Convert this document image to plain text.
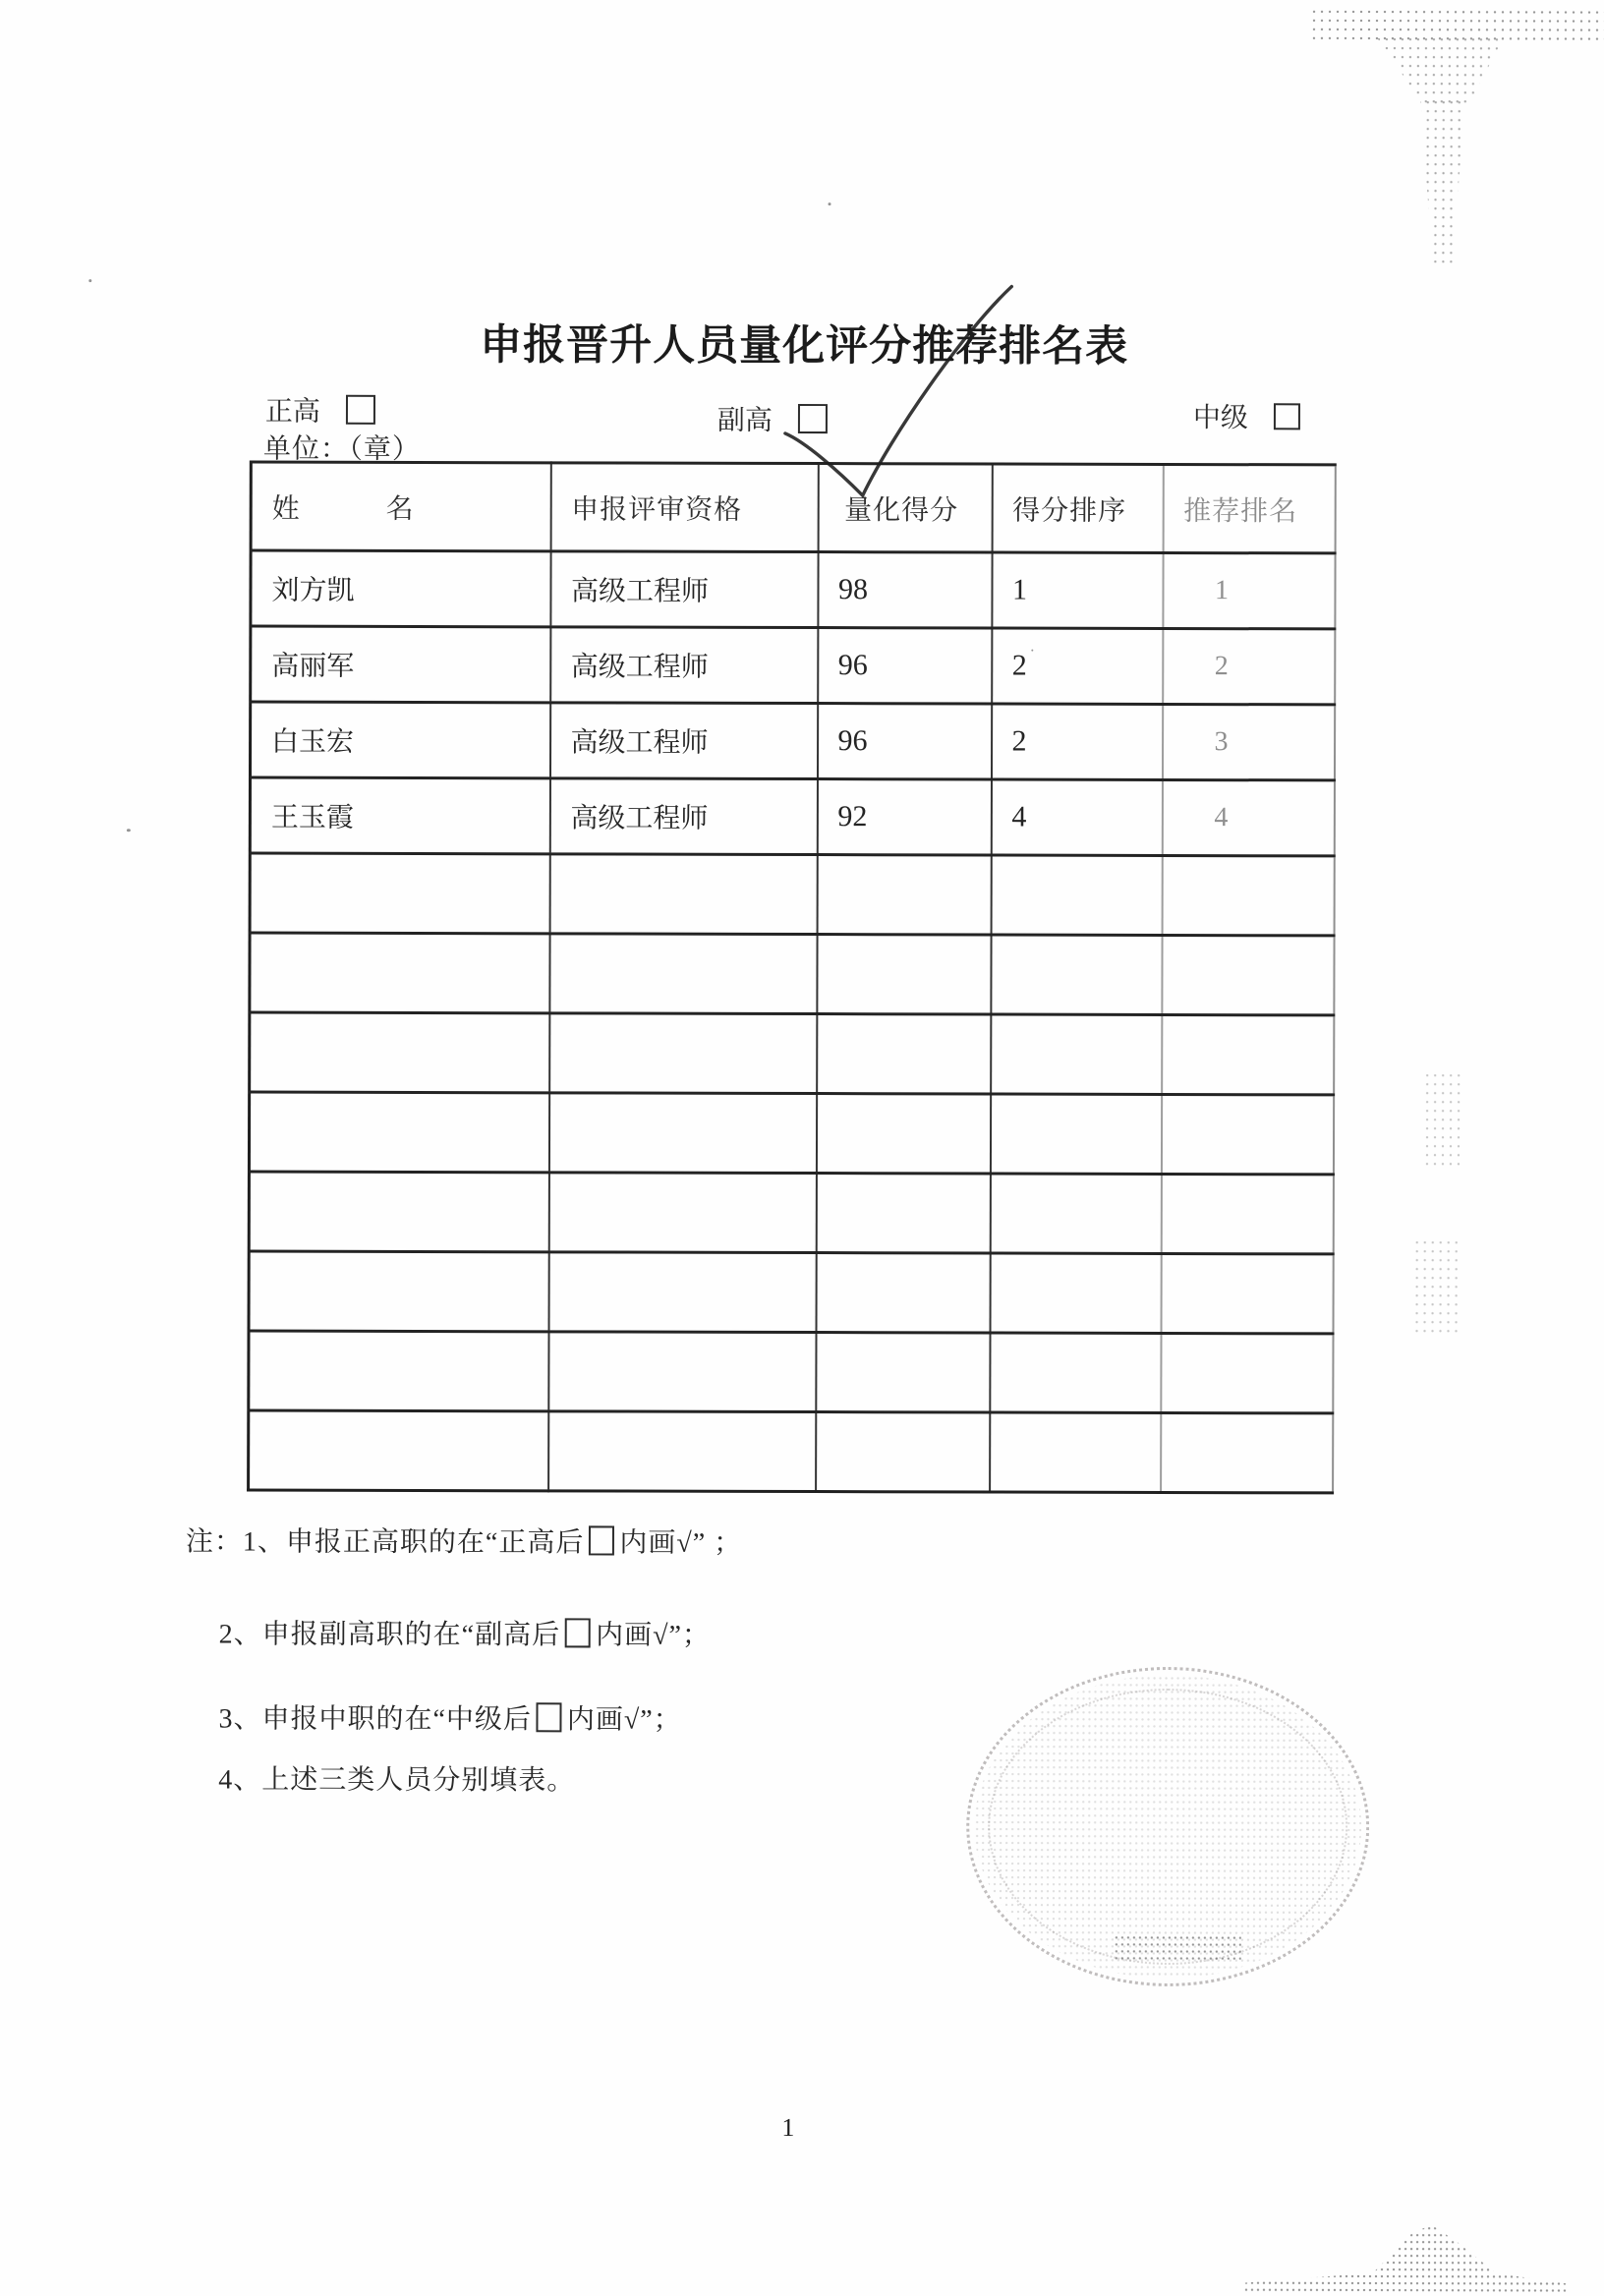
申报晋升人员量化评分推荐排名表
正高	副高	中级
单位：（章）
姓　　　名	申报评审资格	量化得分	得分排序	推荐排名
刘方凯	高级工程师	98	1	1
高丽军	高级工程师	96	2	2
白玉宏	高级工程师	96	2	3
王玉霞	高级工程师	92	4	4

注：1、申报正高职的在“正高后 内画√” ；
2、申报副高职的在“副高后 内画√”；
3、申报中职的在“中级后 内画√”；
4、上述三类人员分别填表。
1
